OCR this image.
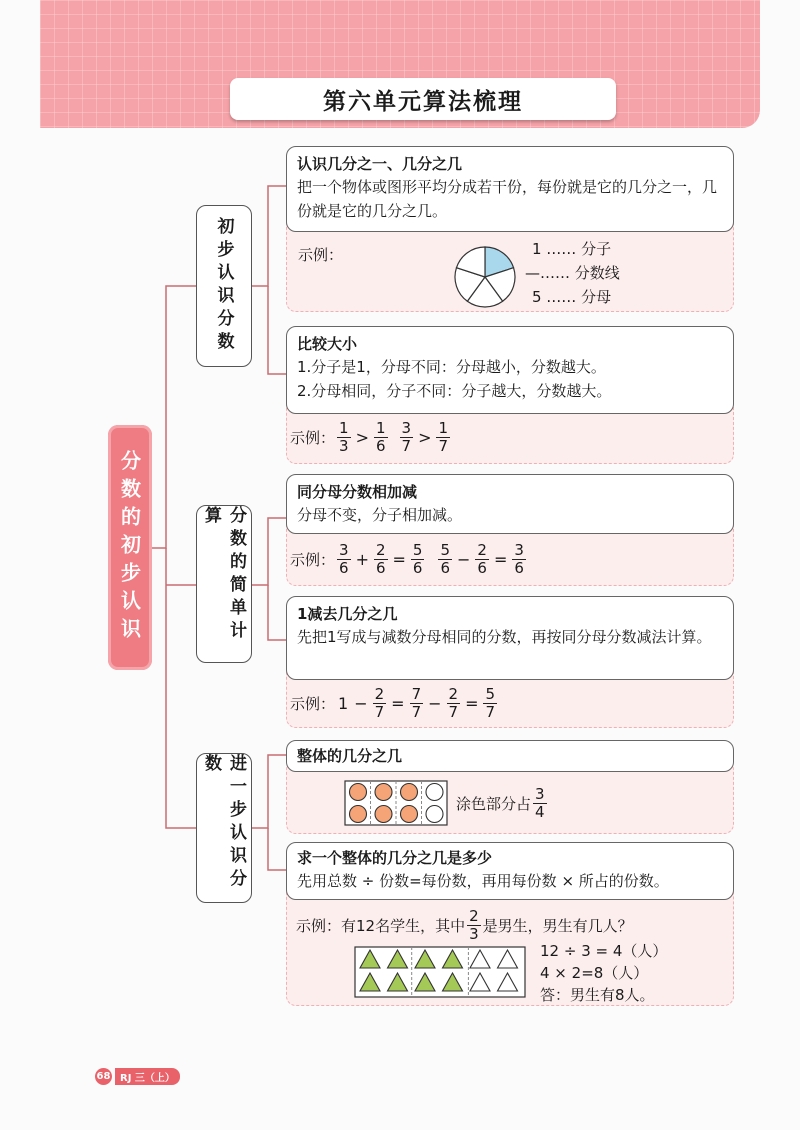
第六单元算法梳理
分数的初步认识
初步认识分数
分数的简单计算
进一步认识分数
认识几分之一、几分之几
把一个物体或图形平均分成若干份，每份就是它的几分之一，几份就是它的几分之几。
示例：	1 …… 分子
—…… 分数线
5 …… 分母
比较大小
1.分子是1，分母不同：分母越小，分数越大。
2.分母相同，分子不同：分子越大，分数越大。
示例： $\frac{1}{3} > \frac{1}{6} \frac{3}{7} > \frac{1}{7}$
同分母分数相加减
分母不变，分子相加减。
示例： $\frac{3}{6} + \frac{2}{6} = \frac{5}{6} \frac{5}{6} - \frac{2}{6} = \frac{3}{6}$
1减去几分之几
先把1写成与减数分母相同的分数，再按同分母分数减法计算。
示例： $1 - \frac{2}{7} = \frac{7}{7} - \frac{2}{7} = \frac{5}{7}$
整体的几分之几
涂色部分占 $\frac{3}{4}$
求一个整体的几分之几是多少
先用总数 ÷ 份数=每份数，再用每份数 × 所占的份数。
示例：有12名学生，其中 $\frac{2}{3}$ 是男生，男生有几人？
12 ÷ 3 = 4（人）
4 × 2=8（人）
答：男生有8人。
68 RJ 三（上）
